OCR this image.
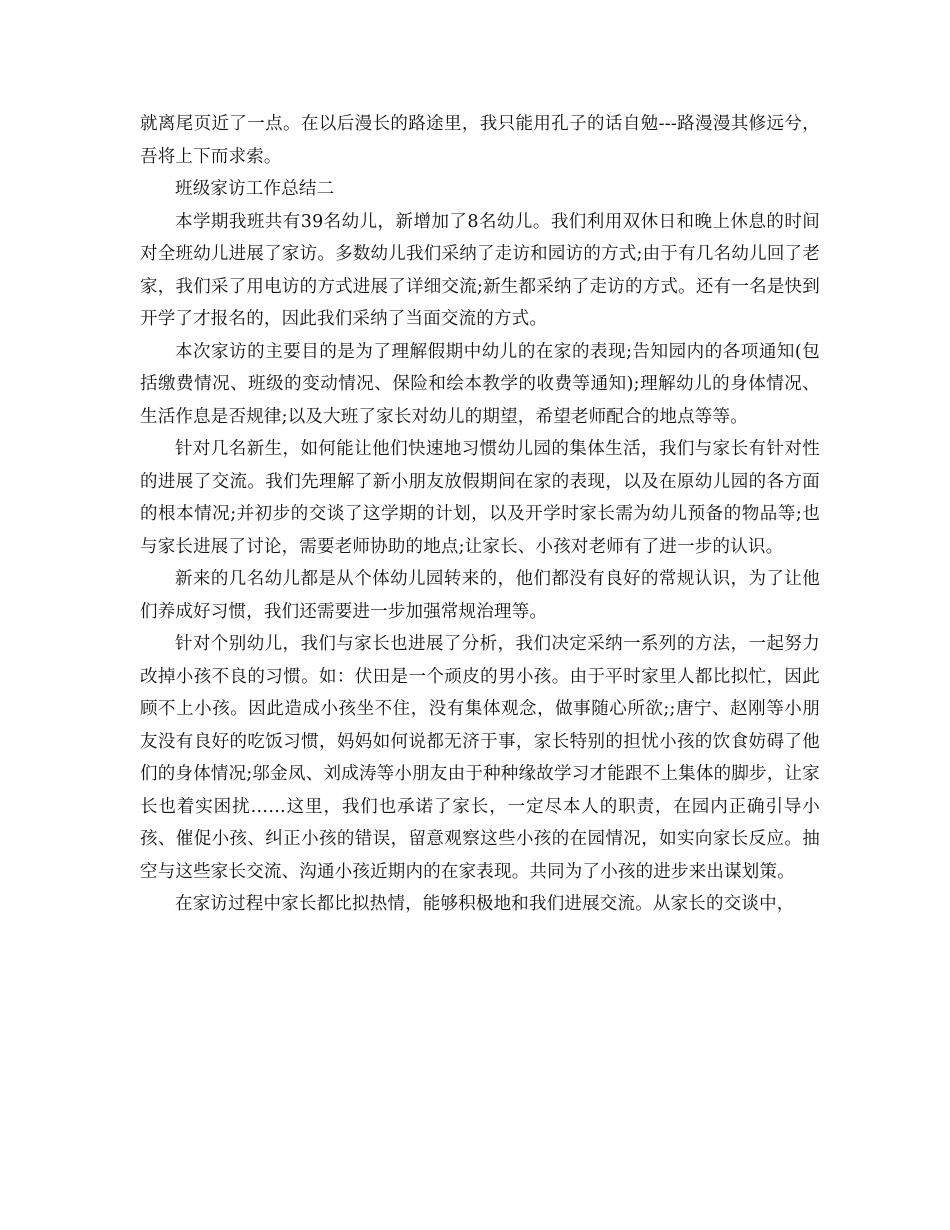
就离尾页近了一点。在以后漫长的路途里，我只能用孔子的话自勉---路漫漫其修远兮，吾将上下而求索。

班级家访工作总结二

本学期我班共有39名幼儿，新增加了8名幼儿。我们利用双休日和晚上休息的时间对全班幼儿进展了家访。多数幼儿我们采纳了走访和园访的方式;由于有几名幼儿回了老家，我们采了用电访的方式进展了详细交流;新生都采纳了走访的方式。还有一名是快到开学了才报名的，因此我们采纳了当面交流的方式。

本次家访的主要目的是为了理解假期中幼儿的在家的表现;告知园内的各项通知(包括缴费情况、班级的变动情况、保险和绘本教学的收费等通知);理解幼儿的身体情况、生活作息是否规律;以及大班了家长对幼儿的期望，希望老师配合的地点等等。

针对几名新生，如何能让他们快速地习惯幼儿园的集体生活，我们与家长有针对性的进展了交流。我们先理解了新小朋友放假期间在家的表现，以及在原幼儿园的各方面的根本情况;并初步的交谈了这学期的计划，以及开学时家长需为幼儿预备的物品等;也与家长进展了讨论，需要老师协助的地点;让家长、小孩对老师有了进一步的认识。

新来的几名幼儿都是从个体幼儿园转来的，他们都没有良好的常规认识，为了让他们养成好习惯，我们还需要进一步加强常规治理等。

针对个别幼儿，我们与家长也进展了分析，我们决定采纳一系列的方法，一起努力改掉小孩不良的习惯。如：伏田是一个顽皮的男小孩。由于平时家里人都比拟忙，因此顾不上小孩。因此造成小孩坐不住，没有集体观念，做事随心所欲;;唐宁、赵刚等小朋友没有良好的吃饭习惯，妈妈如何说都无济于事，家长特别的担忧小孩的饮食妨碍了他们的身体情况;邬金凤、刘成涛等小朋友由于种种缘故学习才能跟不上集体的脚步，让家长也着实困扰……这里，我们也承诺了家长，一定尽本人的职责，在园内正确引导小孩、催促小孩、纠正小孩的错误，留意观察这些小孩的在园情况，如实向家长反应。抽空与这些家长交流、沟通小孩近期内的在家表现。共同为了小孩的进步来出谋划策。

在家访过程中家长都比拟热情，能够积极地和我们进展交流。从家长的交谈中，
